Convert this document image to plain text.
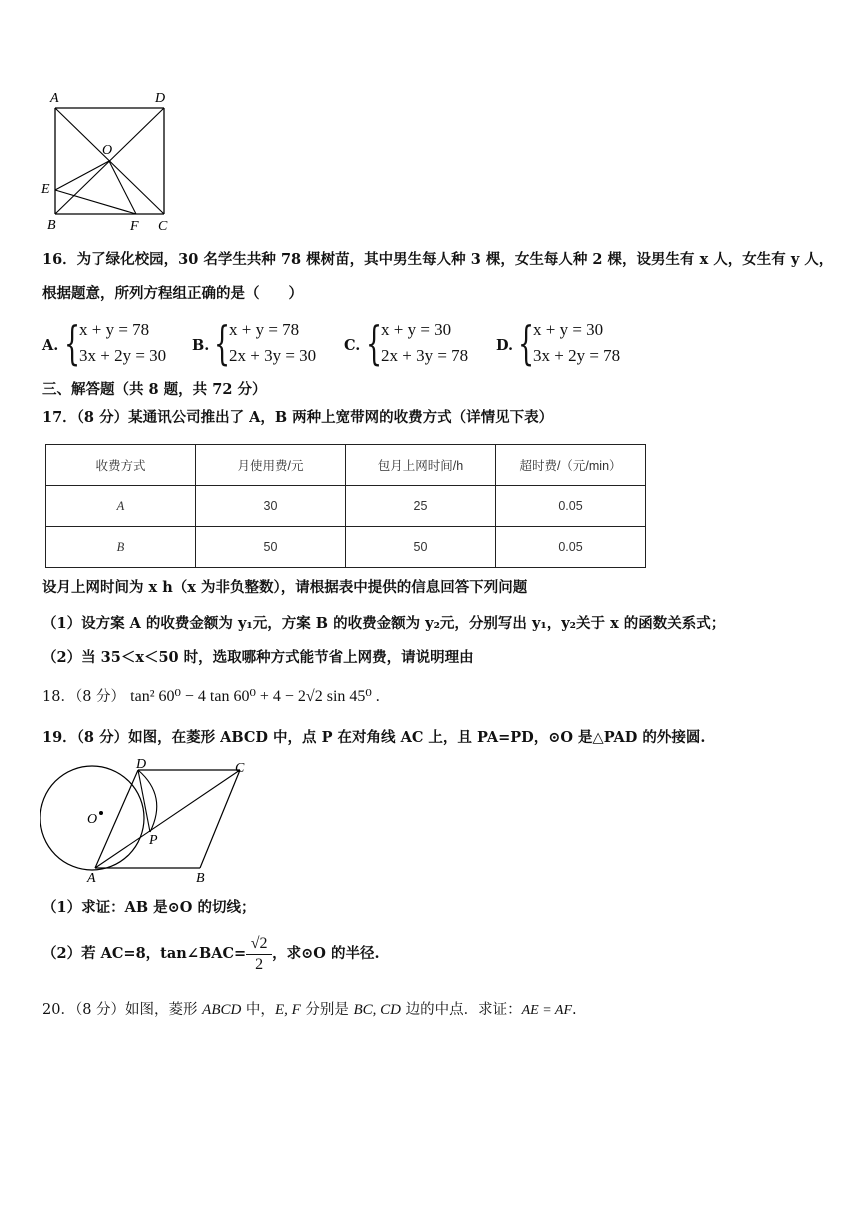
A	D
O
E
B	F C
16．为了绿化校园，30 名学生共种 78 棵树苗，其中男生每人种 3 棵，女生每人种 2 棵，设男生有 x 人，女生有 y 人，
根据题意，所列方程组正确的是（　　）
A. {
x + y = 78
3x + 2y = 30
B. {
x + y = 78
2x + 3y = 30
C. {
x + y = 30
2x + 3y = 78
D. {
x + y = 30
3x + 2y = 78
三、解答题（共 8 题，共 72 分）
17．（8 分）某通讯公司推出了 A，B 两种上宽带网的收费方式（详情见下表）
收费方式	月使用费/元	包月上网时间/h	超时费/（元/min）
A	30	25	0.05
B	50	50	0.05
设月上网时间为 x h（x 为非负整数），请根据表中提供的信息回答下列问题
（1）设方案 A 的收费金额为 y₁元，方案 B 的收费金额为 y₂元，分别写出 y₁，y₂关于 x 的函数关系式；
（2）当 35＜x＜50 时，选取哪种方式能节省上网费，请说明理由
18．（8 分） tan² 60⁰ − 4 tan 60⁰ + 4 − 2√2 sin 45⁰ .
19．（8 分）如图，在菱形 ABCD 中，点 P 在对角线 AC 上，且 PA=PD，⊙O 是△PAD 的外接圆.
D	C
O
P
A	B
（1）求证：AB 是⊙O 的切线；
（2）若 AC=8，tan∠BAC= $\frac{√2}{2}$ ，求⊙O 的半径.
20．（8 分）如图，菱形 ABCD 中，E, F 分别是 BC, CD 边的中点．求证：AE = AF.
